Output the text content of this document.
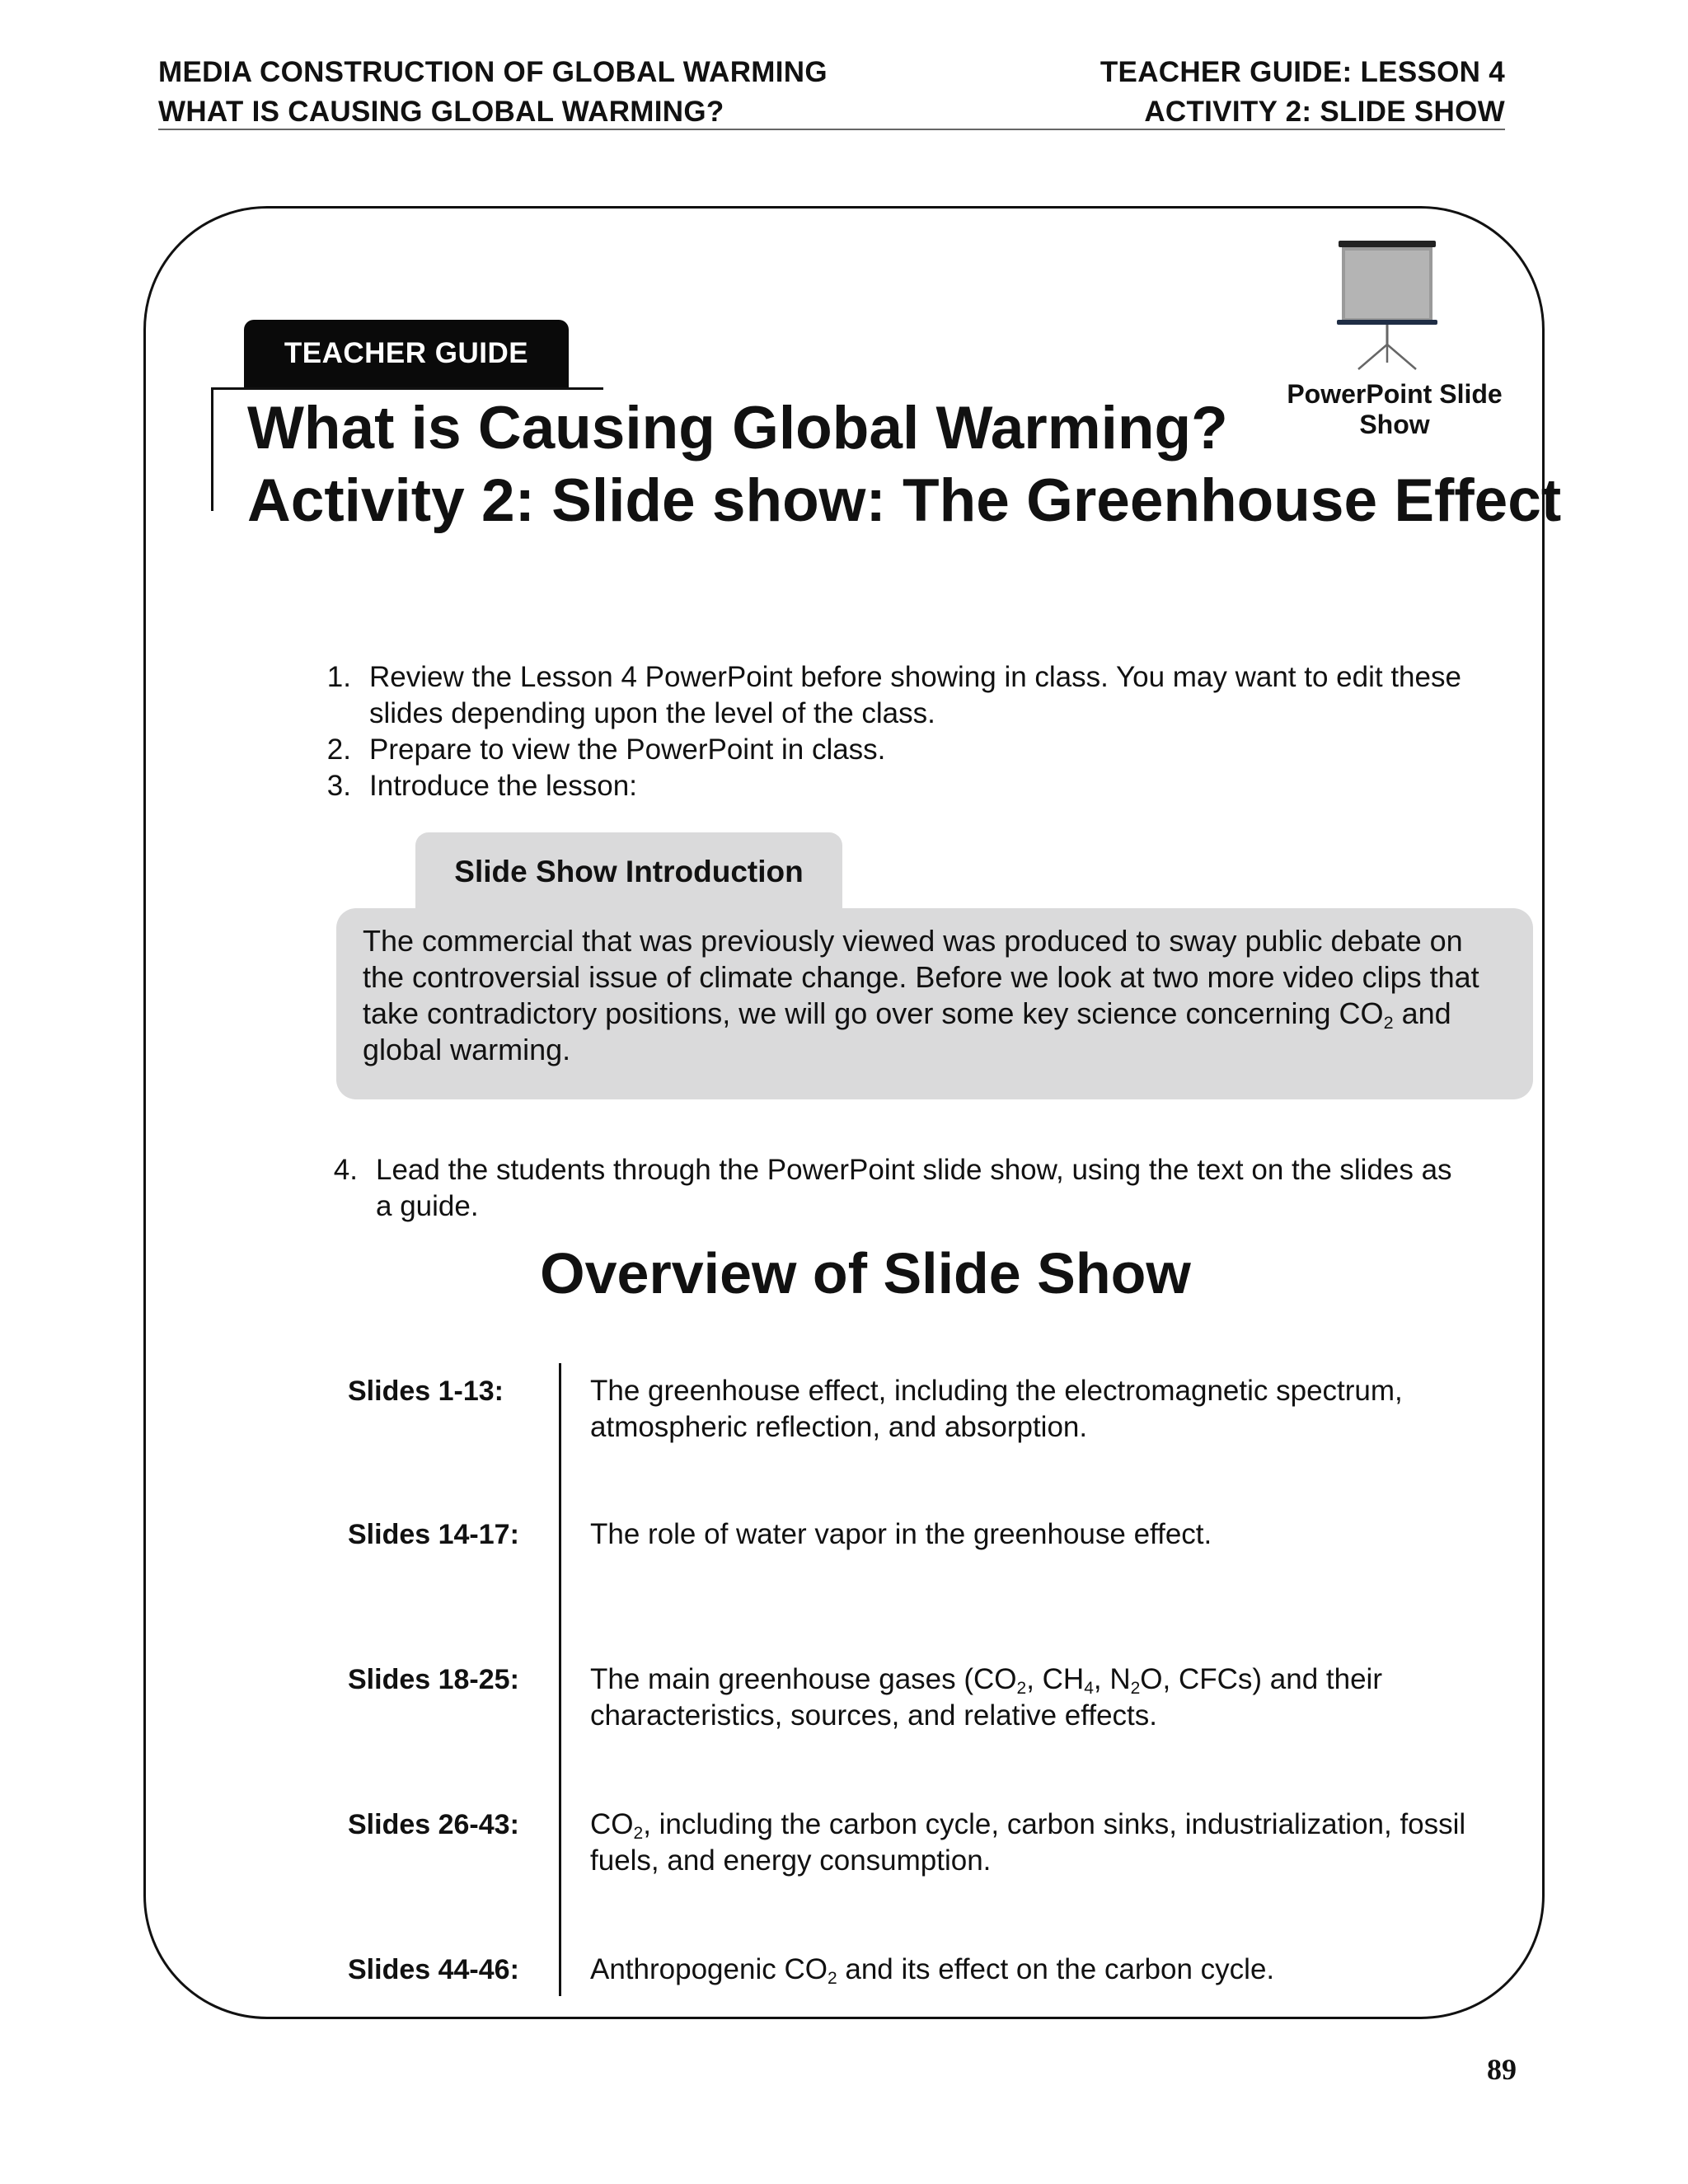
MEDIA CONSTRUCTION OF GLOBAL WARMING
WHAT IS CAUSING GLOBAL WARMING?
TEACHER GUIDE: LESSON 4
ACTIVITY 2: SLIDE SHOW
TEACHER GUIDE
PowerPoint Slide Show
What is Causing Global Warming?
Activity 2: Slide show: The Greenhouse Effect
1. Review the Lesson 4 PowerPoint before showing in class. You may want to edit these slides depending upon the level of the class.
2. Prepare to view the PowerPoint in class.
3. Introduce the lesson:
Slide Show Introduction
The commercial that was previously viewed was produced to sway public debate on the controversial issue of climate change. Before we look at two more video clips that take contradictory positions, we will go over some key science concerning $CO_2$ and global warming.
4. Lead the students through the PowerPoint slide show, using the text on the slides as a guide.
Overview of Slide Show
Slides 1-13:	The greenhouse effect, including the electromagnetic spectrum, atmospheric reflection, and absorption.
Slides 14-17:	The role of water vapor in the greenhouse effect.
Slides 18-25:	The main greenhouse gases ($CO_2$, $CH_4$, $N_2O$, CFCs) and their characteristics, sources, and relative effects.
Slides 26-43:	$CO_2$, including the carbon cycle, carbon sinks, industrialization, fossil fuels, and energy consumption.
Slides 44-46:	Anthropogenic $CO_2$ and its effect on the carbon cycle.
89
